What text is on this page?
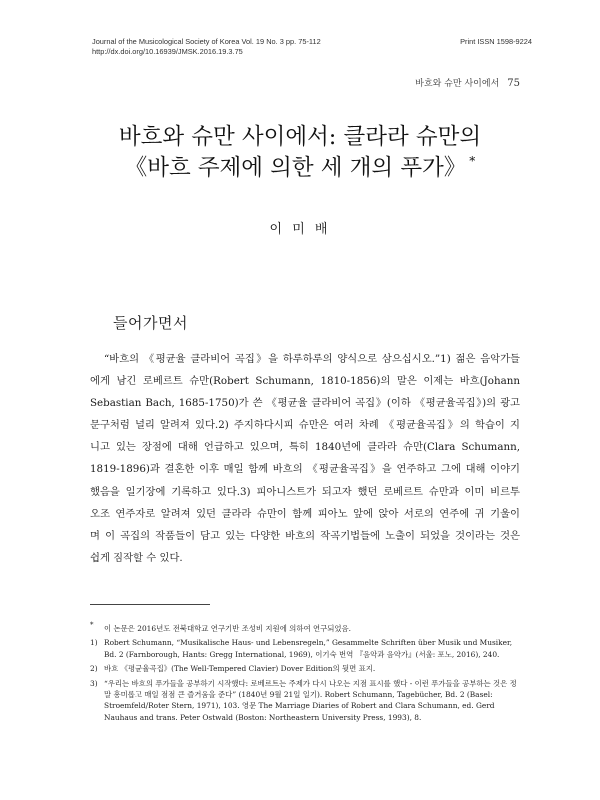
Journal of the Musicological Society of Korea Vol. 19 No. 3 pp. 75-112
http://dx.doi.org/10.16939/JMSK.2016.19.3.75
Print ISSN 1598-9224
바흐와 슈만 사이에서 75
바흐와 슈만 사이에서: 클라라 슈만의
《바흐 주제에 의한 세 개의 푸가》 *
이 미 배
들어가면서
“바흐의 《평균율 클라비어 곡집》을 하루하루의 양식으로 삼으십시오.”1) 젊은 음악가들
에게 남긴 로베르트 슈만(Robert Schumann, 1810-1856)의 말은 이제는 바흐(Johann
Sebastian Bach, 1685-1750)가 쓴 《평균율 클라비어 곡집》(이하 《평균율곡집》)의 광고
문구처럼 널리 알려져 있다.2) 주지하다시피 슈만은 여러 차례 《평균율곡집》의 학습이 지
니고 있는 장점에 대해 언급하고 있으며, 특히 1840년에 클라라 슈만(Clara Schumann,
1819-1896)과 결혼한 이후 매일 함께 바흐의 《평균율곡집》을 연주하고 그에 대해 이야기
했음을 일기장에 기록하고 있다.3) 피아니스트가 되고자 했던 로베르트 슈만과 이미 비르투
오조 연주자로 알려져 있던 클라라 슈만이 함께 피아노 앞에 앉아 서로의 연주에 귀 기울이
며 이 곡집의 작품들이 담고 있는 다양한 바흐의 작곡기법들에 노출이 되었을 것이라는 것은
쉽게 짐작할 수 있다.
* 이 논문은 2016년도 전북대학교 연구기반 조성비 지원에 의하여 연구되었음.
1) Robert Schumann, “Musikalische Haus- und Lebensregeln,” Gesammelte Schriften über Musik und Musiker, Bd. 2 (Farnborough, Hants: Gregg International, 1969), 이기숙 번역 『음악과 음악가』(서울: 포노, 2016), 240.
2) 바흐 《평균율곡집》(The Well-Tempered Clavier) Dover Edition의 뒷면 표지.
3) “우리는 바흐의 푸가들을 공부하기 시작했다: 로베르트는 주제가 다시 나오는 지점 표시를 했다 - 이런 푸가들을 공부하는 것은 정말 흥미롭고 매일 점점 큰 즐거움을 준다” (1840년 9월 21일 일기). Robert Schumann, Tagebücher, Bd. 2 (Basel: Stroemfeld/Roter Stern, 1971), 103. 영문 The Marriage Diaries of Robert and Clara Schumann, ed. Gerd Nauhaus and trans. Peter Ostwald (Boston: Northeastern University Press, 1993), 8.
